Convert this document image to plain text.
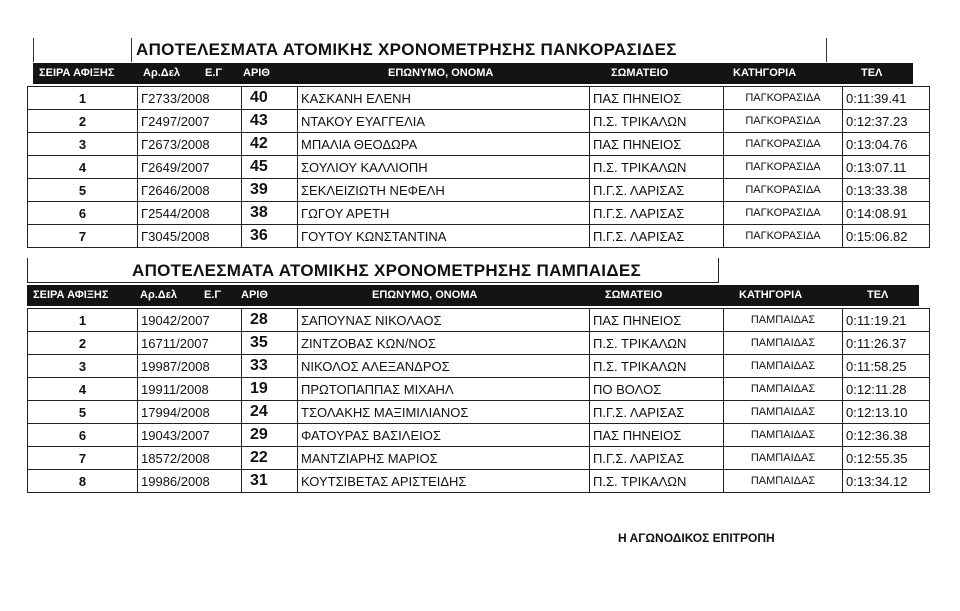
ΑΠΟΤΕΛΕΣΜΑΤΑ ΑΤΟΜΙΚΗΣ ΧΡΟΝΟΜΕΤΡΗΣΗΣ ΠΑΝΚΟΡΑΣΙΔΕΣ
ΣΕΙΡΑ ΑΦΙΞΗΣ	Αρ.Δελ Ε.Γ ΑΡΙΘ	ΕΠΩΝΥΜΟ, ΟΝΟΜΑ	ΣΩΜΑΤΕΙΟ	ΚΑΤΗΓΟΡΙΑ	ΤΕΛ
1	Γ2733/2008	40	ΚΑΣΚΑΝΗ ΕΛΕΝΗ	ΠΑΣ ΠΗΝΕΙΟΣ	ΠΑΓΚΟΡΑΣΙΔΑ	0:11:39.41
2	Γ2497/2007	43	ΝΤΑΚΟΥ ΕΥΑΓΓΕΛΙΑ	Π.Σ. ΤΡΙΚΑΛΩΝ	ΠΑΓΚΟΡΑΣΙΔΑ	0:12:37.23
3	Γ2673/2008	42	ΜΠΑΛΙΑ ΘΕΟΔΩΡΑ	ΠΑΣ ΠΗΝΕΙΟΣ	ΠΑΓΚΟΡΑΣΙΔΑ	0:13:04.76
4	Γ2649/2007	45	ΣΟΥΛΙΟΥ ΚΑΛΛΙΟΠΗ	Π.Σ. ΤΡΙΚΑΛΩΝ	ΠΑΓΚΟΡΑΣΙΔΑ	0:13:07.11
5	Γ2646/2008	39	ΣΕΚΛΕΙΖΙΩΤΗ ΝΕΦΕΛΗ	Π.Γ.Σ. ΛΑΡΙΣΑΣ	ΠΑΓΚΟΡΑΣΙΔΑ	0:13:33.38
6	Γ2544/2008	38	ΓΩΓΟΥ ΑΡΕΤΗ	Π.Γ.Σ. ΛΑΡΙΣΑΣ	ΠΑΓΚΟΡΑΣΙΔΑ	0:14:08.91
7	Γ3045/2008	36	ΓΟΥΤΟΥ ΚΩΝΣΤΑΝΤΙΝΑ	Π.Γ.Σ. ΛΑΡΙΣΑΣ	ΠΑΓΚΟΡΑΣΙΔΑ	0:15:06.82
ΑΠΟΤΕΛΕΣΜΑΤΑ ΑΤΟΜΙΚΗΣ ΧΡΟΝΟΜΕΤΡΗΣΗΣ ΠΑΜΠΑΙΔΕΣ
ΣΕΙΡΑ ΑΦΙΞΗΣ	Αρ.Δελ Ε.Γ ΑΡΙΘ	ΕΠΩΝΥΜΟ, ΟΝΟΜΑ	ΣΩΜΑΤΕΙΟ	ΚΑΤΗΓΟΡΙΑ	ΤΕΛ
1	19042/2007	28	ΣΑΠΟΥΝΑΣ ΝΙΚΟΛΑΟΣ	ΠΑΣ ΠΗΝΕΙΟΣ	ΠΑΜΠΑΙΔΑΣ	0:11:19.21
2	16711/2007	35	ΖΙΝΤΖΟΒΑΣ ΚΩΝ/ΝΟΣ	Π.Σ. ΤΡΙΚΑΛΩΝ	ΠΑΜΠΑΙΔΑΣ	0:11:26.37
3	19987/2008	33	ΝΙΚΟΛΟΣ ΑΛΕΞΑΝΔΡΟΣ	Π.Σ. ΤΡΙΚΑΛΩΝ	ΠΑΜΠΑΙΔΑΣ	0:11:58.25
4	19911/2008	19	ΠΡΩΤΟΠΑΠΠΑΣ ΜΙΧΑΗΛ	ΠΟ ΒΟΛΟΣ	ΠΑΜΠΑΙΔΑΣ	0:12:11.28
5	17994/2008	24	ΤΣΟΛΑΚΗΣ ΜΑΞΙΜΙΛΙΑΝΟΣ	Π.Γ.Σ. ΛΑΡΙΣΑΣ	ΠΑΜΠΑΙΔΑΣ	0:12:13.10
6	19043/2007	29	ΦΑΤΟΥΡΑΣ ΒΑΣΙΛΕΙΟΣ	ΠΑΣ ΠΗΝΕΙΟΣ	ΠΑΜΠΑΙΔΑΣ	0:12:36.38
7	18572/2008	22	ΜΑΝΤΖΙΑΡΗΣ ΜΑΡΙΟΣ	Π.Γ.Σ. ΛΑΡΙΣΑΣ	ΠΑΜΠΑΙΔΑΣ	0:12:55.35
8	19986/2008	31	ΚΟΥΤΣΙΒΕΤΑΣ ΑΡΙΣΤΕΙΔΗΣ	Π.Σ. ΤΡΙΚΑΛΩΝ	ΠΑΜΠΑΙΔΑΣ	0:13:34.12
Η ΑΓΩΝΟΔΙΚΟΣ ΕΠΙΤΡΟΠΗ
